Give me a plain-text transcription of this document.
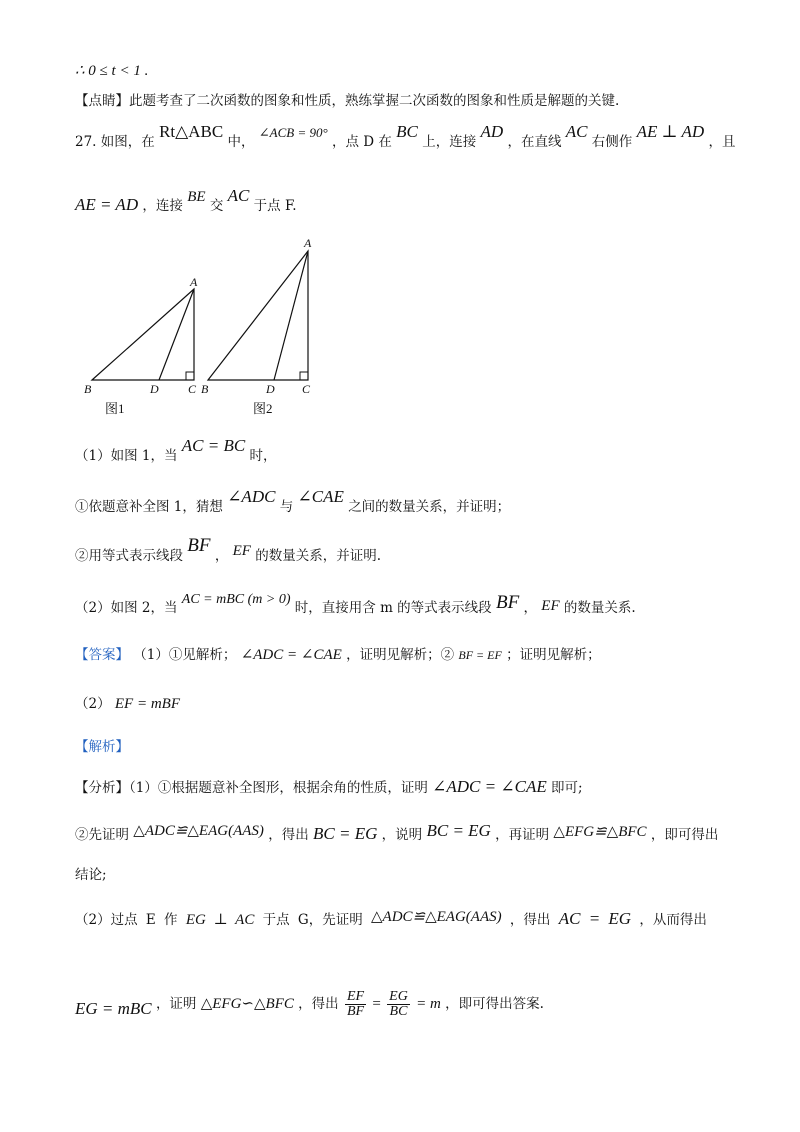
∴ 0 ≤ t < 1 .
【点睛】此题考查了二次函数的图象和性质，熟练掌握二次函数的图象和性质是解题的关键.
27. 如图，在 Rt△ABC 中， ∠ACB = 90° ，点 D 在 BC 上，连接 AD ，在直线 AC 右侧作 AE ⊥ AD ，且
AE = AD ，连接 BE 交 AC 于点 F.
A
B	D C
图1
A
B	D C
图2
（1）如图 1，当 AC = BC 时，
①依题意补全图 1，猜想 ∠ADC 与 ∠CAE 之间的数量关系，并证明；
②用等式表示线段 BF ， EF 的数量关系，并证明.
（2）如图 2，当 AC = mBC (m > 0) 时，直接用含 m 的等式表示线段 BF ， EF 的数量关系.
【答案】 （1）①见解析； ∠ADC = ∠CAE ，证明见解析；② BF = EF ；证明见解析；
（2） EF = mBF
【解析】
【分析】（1）①根据题意补全图形，根据余角的性质，证明 ∠ADC = ∠CAE 即可;
②先证明 △ADC≌△EAG(AAS) ，得出 BC = EG ，说明 BC = EG ，再证明 △EFG≌△BFC ，即可得出
结论;
（2）过点 E 作 EG ⊥ AC 于点 G，先证明 △ADC≌△EAG(AAS) ，得出 AC = EG ，从而得出
EG = mBC ，证明 △EFG∽△BFC ，得出 $\frac{EF}{BF} = \frac{EG}{BC} = m$ ，即可得出答案.
